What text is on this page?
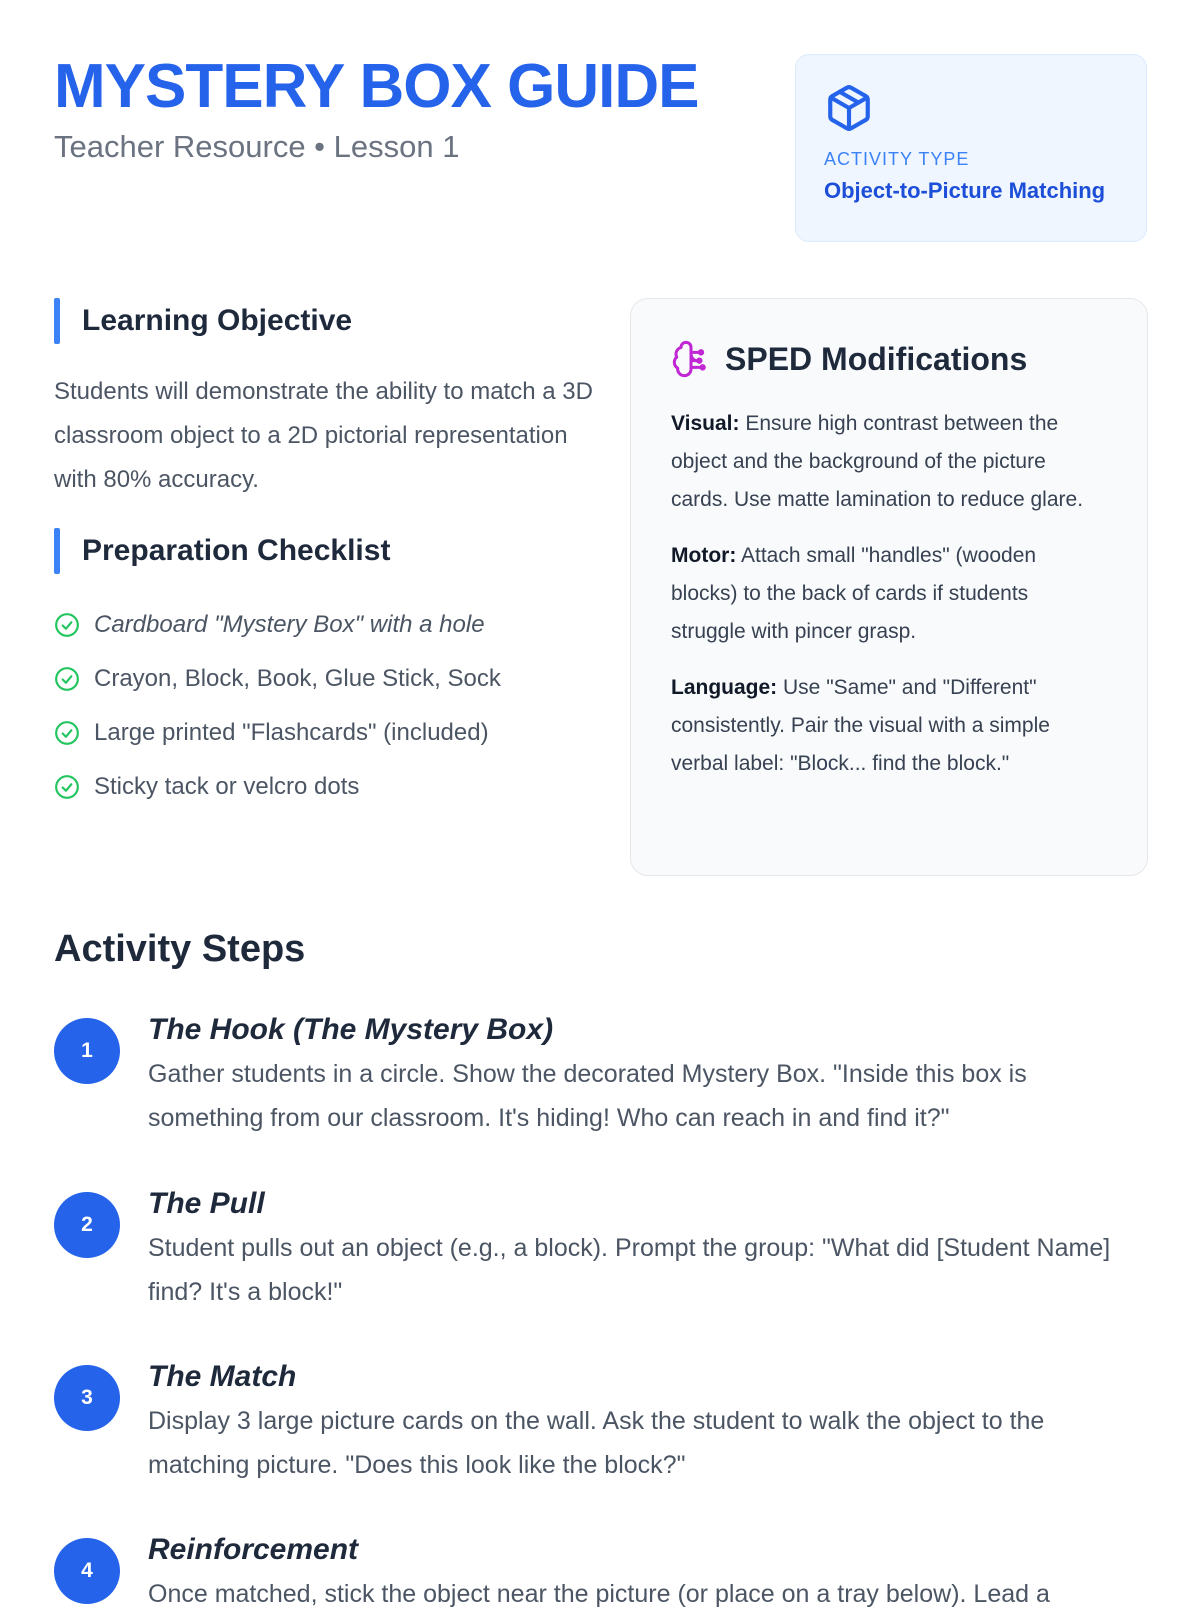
MYSTERY BOX GUIDE
Teacher Resource • Lesson 1	ACTIVITY TYPE
Object-to-Picture Matching
Learning Objective
Students will demonstrate the ability to match a 3D classroom object to a 2D pictorial representation with 80% accuracy.
Preparation Checklist
Cardboard "Mystery Box" with a hole
Crayon, Block, Book, Glue Stick, Sock
Large printed "Flashcards" (included)
Sticky tack or velcro dots
SPED Modifications
Visual: Ensure high contrast between the object and the background of the picture cards. Use matte lamination to reduce glare.
Motor: Attach small "handles" (wooden blocks) to the back of cards if students struggle with pincer grasp.
Language: Use "Same" and "Different" consistently. Pair the visual with a simple verbal label: "Block... find the block."
Activity Steps
1
The Hook (The Mystery Box)
Gather students in a circle. Show the decorated Mystery Box. "Inside this box is something from our classroom. It's hiding! Who can reach in and find it?"
2
The Pull
Student pulls out an object (e.g., a block). Prompt the group: "What did [Student Name] find? It's a block!"
3
The Match
Display 3 large picture cards on the wall. Ask the student to walk the object to the matching picture. "Does this look like the block?"
4
Reinforcement
Once matched, stick the object near the picture (or place on a tray below). Lead a
